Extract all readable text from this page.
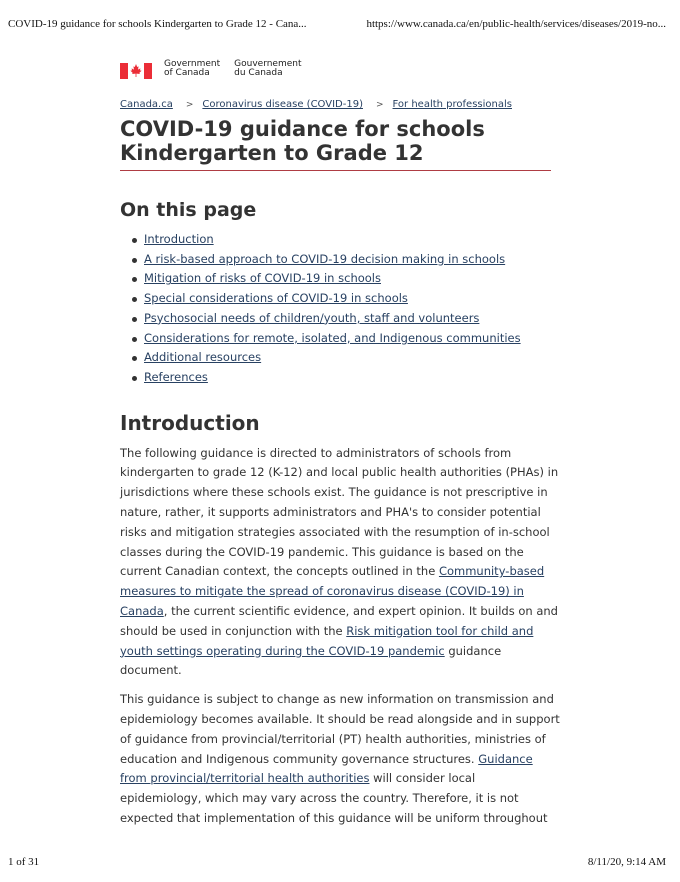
COVID-19 guidance for schools Kindergarten to Grade 12 - Cana...	https://www.canada.ca/en/public-health/services/diseases/2019-no...
Government
of Canada
Gouvernement
du Canada
Canada.ca > Coronavirus disease (COVID-19) > For health professionals
COVID-19 guidance for schools Kindergarten to Grade 12
On this page
Introduction
A risk-based approach to COVID-19 decision making in schools
Mitigation of risks of COVID-19 in schools
Special considerations of COVID-19 in schools
Psychosocial needs of children/youth, staff and volunteers
Considerations for remote, isolated, and Indigenous communities
Additional resources
References
Introduction

The following guidance is directed to administrators of schools from kindergarten to grade 12 (K-12) and local public health authorities (PHAs) in jurisdictions where these schools exist. The guidance is not prescriptive in nature, rather, it supports administrators and PHA's to consider potential risks and mitigation strategies associated with the resumption of in-school classes during the COVID-19 pandemic. This guidance is based on the current Canadian context, the concepts outlined in the Community-based measures to mitigate the spread of coronavirus disease (COVID-19) in Canada, the current scientific evidence, and expert opinion. It builds on and should be used in conjunction with the Risk mitigation tool for child and youth settings operating during the COVID-19 pandemic guidance document.

This guidance is subject to change as new information on transmission and epidemiology becomes available. It should be read alongside and in support of guidance from provincial/territorial (PT) health authorities, ministries of education and Indigenous community governance structures. Guidance from provincial/territorial health authorities will consider local epidemiology, which may vary across the country. Therefore, it is not expected that implementation of this guidance will be uniform throughout

1 of 31	8/11/20, 9:14 AM
